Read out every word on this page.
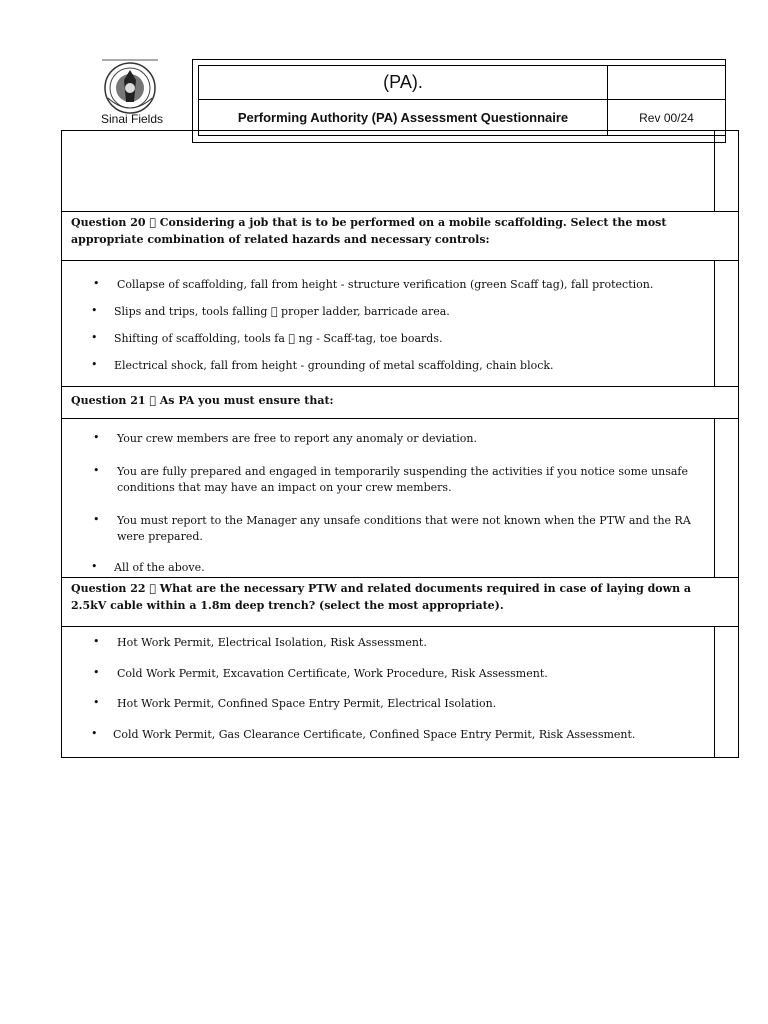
Sinai Fields
(PA).
Performing Authority (PA) Assessment Questionnaire	Rev 00/24
Question 20   Considering a job that is to be performed on a mobile scaffolding. Select the most appropriate combination of related hazards and necessary controls:
• Collapse of scaffolding, fall from height - structure verification (green Scaff tag), fall protection.
• Slips and trips, tools falling   proper ladder, barricade area.
• Shifting of scaffolding, tools fa   ng - Scaff-tag, toe boards.
• Electrical shock, fall from height - grounding of metal scaffolding, chain block.
Question 21   As PA you must ensure that:
• Your crew members are free to report any anomaly or deviation.
• You are fully prepared and engaged in temporarily suspending the activities if you notice some unsafe conditions that may have an impact on your crew members.
• You must report to the Manager any unsafe conditions that were not known when the PTW and the RA were prepared.
• All of the above.
Question 22   What are the necessary PTW and related documents required in case of laying down a 2.5kV cable within a 1.8m deep trench? (select the most appropriate).
• Hot Work Permit, Electrical Isolation, Risk Assessment.
• Cold Work Permit, Excavation Certificate, Work Procedure, Risk Assessment.
• Hot Work Permit, Confined Space Entry Permit, Electrical Isolation.
• Cold Work Permit, Gas Clearance Certificate, Confined Space Entry Permit, Risk Assessment.
